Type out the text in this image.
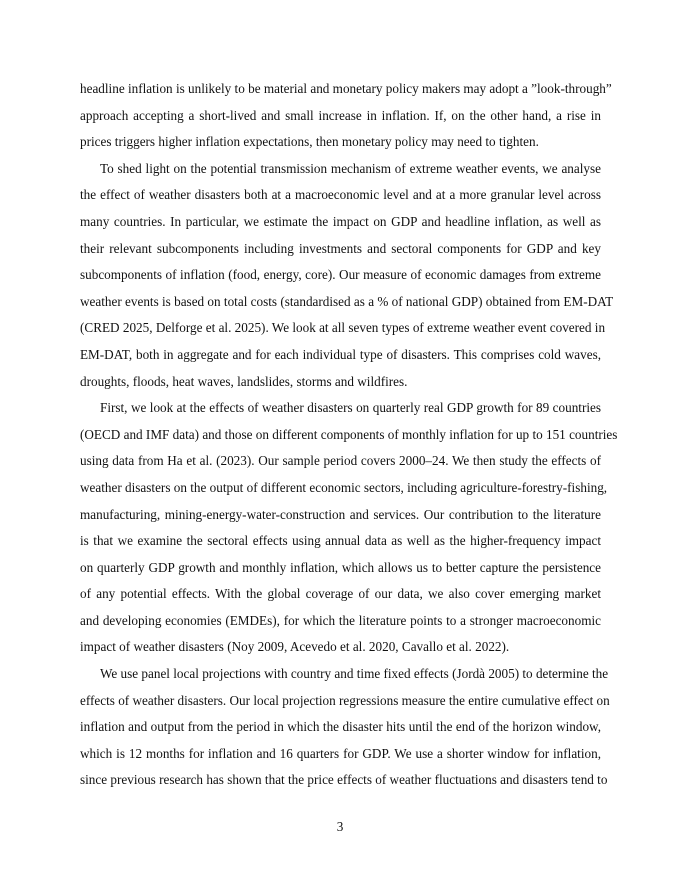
headline inflation is unlikely to be material and monetary policy makers may adopt a ”look-through”
approach accepting a short-lived and small increase in inflation. If, on the other hand, a rise in
prices triggers higher inflation expectations, then monetary policy may need to tighten.
To shed light on the potential transmission mechanism of extreme weather events, we analyse
the effect of weather disasters both at a macroeconomic level and at a more granular level across
many countries. In particular, we estimate the impact on GDP and headline inflation, as well as
their relevant subcomponents including investments and sectoral components for GDP and key
subcomponents of inflation (food, energy, core). Our measure of economic damages from extreme
weather events is based on total costs (standardised as a % of national GDP) obtained from EM-DAT
(CRED 2025, Delforge et al. 2025). We look at all seven types of extreme weather event covered in
EM-DAT, both in aggregate and for each individual type of disasters. This comprises cold waves,
droughts, floods, heat waves, landslides, storms and wildfires.
First, we look at the effects of weather disasters on quarterly real GDP growth for 89 countries
(OECD and IMF data) and those on different components of monthly inflation for up to 151 countries
using data from Ha et al. (2023). Our sample period covers 2000–24. We then study the effects of
weather disasters on the output of different economic sectors, including agriculture-forestry-fishing,
manufacturing, mining-energy-water-construction and services. Our contribution to the literature
is that we examine the sectoral effects using annual data as well as the higher-frequency impact
on quarterly GDP growth and monthly inflation, which allows us to better capture the persistence
of any potential effects. With the global coverage of our data, we also cover emerging market
and developing economies (EMDEs), for which the literature points to a stronger macroeconomic
impact of weather disasters (Noy 2009, Acevedo et al. 2020, Cavallo et al. 2022).
We use panel local projections with country and time fixed effects (Jordà 2005) to determine the
effects of weather disasters. Our local projection regressions measure the entire cumulative effect on
inflation and output from the period in which the disaster hits until the end of the horizon window,
which is 12 months for inflation and 16 quarters for GDP. We use a shorter window for inflation,
since previous research has shown that the price effects of weather fluctuations and disasters tend to
3
